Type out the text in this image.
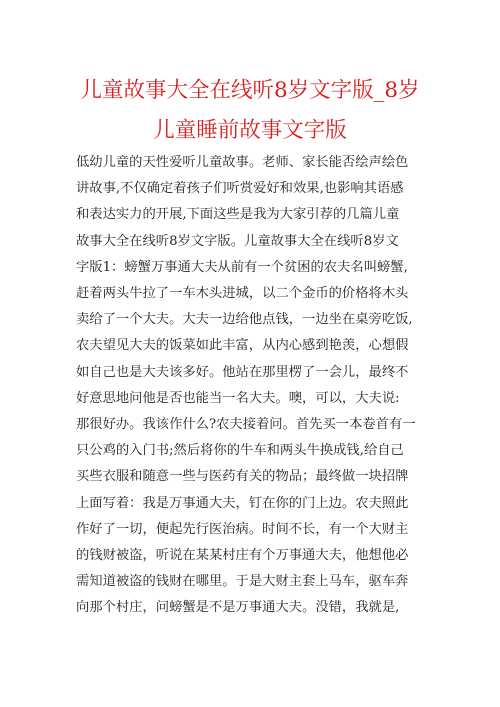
儿童故事大全在线听8岁文字版_8岁
儿童睡前故事文字版
低幼儿童的天性爱听儿童故事。老师、家长能否绘声绘色
讲故事,不仅确定着孩子们听赏爱好和效果,也影响其语感
和表达实力的开展,下面这些是我为大家引荐的几篇儿童
故事大全在线听8岁文字版。儿童故事大全在线听8岁文
字版1：螃蟹万事通大夫从前有一个贫困的农夫名叫螃蟹,
赶着两头牛拉了一车木头进城，以二个金币的价格将木头
卖给了一个大夫。大夫一边给他点钱，一边坐在桌旁吃饭,
农夫望见大夫的饭菜如此丰富，从内心感到艳羡，心想假
如自己也是大夫该多好。他站在那里楞了一会儿，最终不
好意思地问他是否也能当一名大夫。噢，可以，大夫说:
那很好办。我该作什么?农夫接着问。首先买一本卷首有一
只公鸡的入门书;然后将你的牛车和两头牛换成钱,给自己
买些衣服和随意一些与医药有关的物品；最终做一块招牌
上面写着：我是万事通大夫，钉在你的门上边。农夫照此
作好了一切，便起先行医治病。时间不长，有一个大财主
的钱财被盗，听说在某某村庄有个万事通大夫，他想他必
需知道被盗的钱财在哪里。于是大财主套上马车，驱车奔
向那个村庄，问螃蟹是不是万事通大夫。没错，我就是,
